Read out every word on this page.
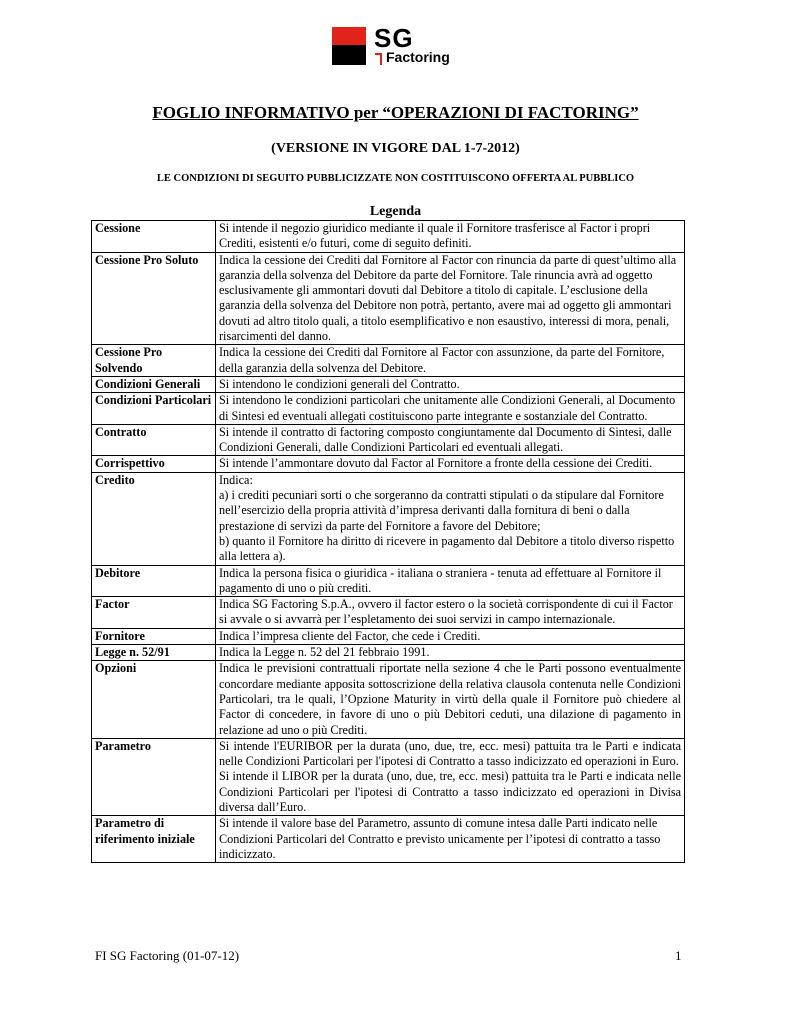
SG
Factoring
FOGLIO INFORMATIVO per “OPERAZIONI DI FACTORING”
(VERSIONE IN VIGORE DAL 1-7-2012)
LE CONDIZIONI DI SEGUITO PUBBLICIZZATE NON COSTITUISCONO OFFERTA AL PUBBLICO
Legenda
Cessione	Si intende il negozio giuridico mediante il quale il Fornitore trasferisce al Factor i propri Crediti, esistenti e/o futuri, come di seguito definiti.

Cessione Pro Soluto	Indica la cessione dei Crediti dal Fornitore al Factor con rinuncia da parte di quest’ultimo alla garanzia della solvenza del Debitore da parte del Fornitore. Tale rinuncia avrà ad oggetto esclusivamente gli ammontari dovuti dal Debitore a titolo di capitale. L’esclusione della garanzia della solvenza del Debitore non potrà, pertanto, avere mai ad oggetto gli ammontari dovuti ad altro titolo quali, a titolo esemplificativo e non esaustivo, interessi di mora, penali, risarcimenti del danno.

Cessione Pro Solvendo	Indica la cessione dei Crediti dal Fornitore al Factor con assunzione, da parte del Fornitore, della garanzia della solvenza del Debitore.

Condizioni Generali	Si intendono le condizioni generali del Contratto.

Condizioni Particolari	Si intendono le condizioni particolari che unitamente alle Condizioni Generali, al Documento di Sintesi ed eventuali allegati costituiscono parte integrante e sostanziale del Contratto.

Contratto	Si intende il contratto di factoring composto congiuntamente dal Documento di Sintesi, dalle Condizioni Generali, dalle Condizioni Particolari ed eventuali allegati.

Corrispettivo	Si intende l’ammontare dovuto dal Factor al Fornitore a fronte della cessione dei Crediti.

Credito	Indica:
a) i crediti pecuniari sorti o che sorgeranno da contratti stipulati o da stipulare dal Fornitore nell’esercizio della propria attività d’impresa derivanti dalla fornitura di beni o dalla prestazione di servizi da parte del Fornitore a favore del Debitore;
b) quanto il Fornitore ha diritto di ricevere in pagamento dal Debitore a titolo diverso rispetto alla lettera a).

Debitore	Indica la persona fisica o giuridica - italiana o straniera - tenuta ad effettuare al Fornitore il pagamento di uno o più crediti.

Factor	Indica SG Factoring S.p.A., ovvero il factor estero o la società corrispondente di cui il Factor si avvale o si avvarrà per l’espletamento dei suoi servizi in campo internazionale.

Fornitore	Indica l’impresa cliente del Factor, che cede i Crediti.

Legge n. 52/91	Indica la Legge n. 52 del 21 febbraio 1991.

Opzioni	Indica le previsioni contrattuali riportate nella sezione 4 che le Parti possono eventualmente concordare mediante apposita sottoscrizione della relativa clausola contenuta nelle Condizioni Particolari, tra le quali, l’Opzione Maturity in virtù della quale il Fornitore può chiedere al Factor di concedere, in favore di uno o più Debitori ceduti, una dilazione di pagamento in relazione ad uno o più Crediti.

Parametro	Si intende l'EURIBOR per la durata (uno, due, tre, ecc. mesi) pattuita tra le Parti e indicata nelle Condizioni Particolari per l'ipotesi di Contratto a tasso indicizzato ed operazioni in Euro.
Si intende il LIBOR per la durata (uno, due, tre, ecc. mesi) pattuita tra le Parti e indicata nelle Condizioni Particolari per l'ipotesi di Contratto a tasso indicizzato ed operazioni in Divisa diversa dall’Euro.

Parametro di riferimento iniziale	Si intende il valore base del Parametro, assunto di comune intesa dalle Parti indicato nelle Condizioni Particolari del Contratto e previsto unicamente per l’ipotesi di contratto a tasso indicizzato.
FI SG Factoring (01-07-12)	1
